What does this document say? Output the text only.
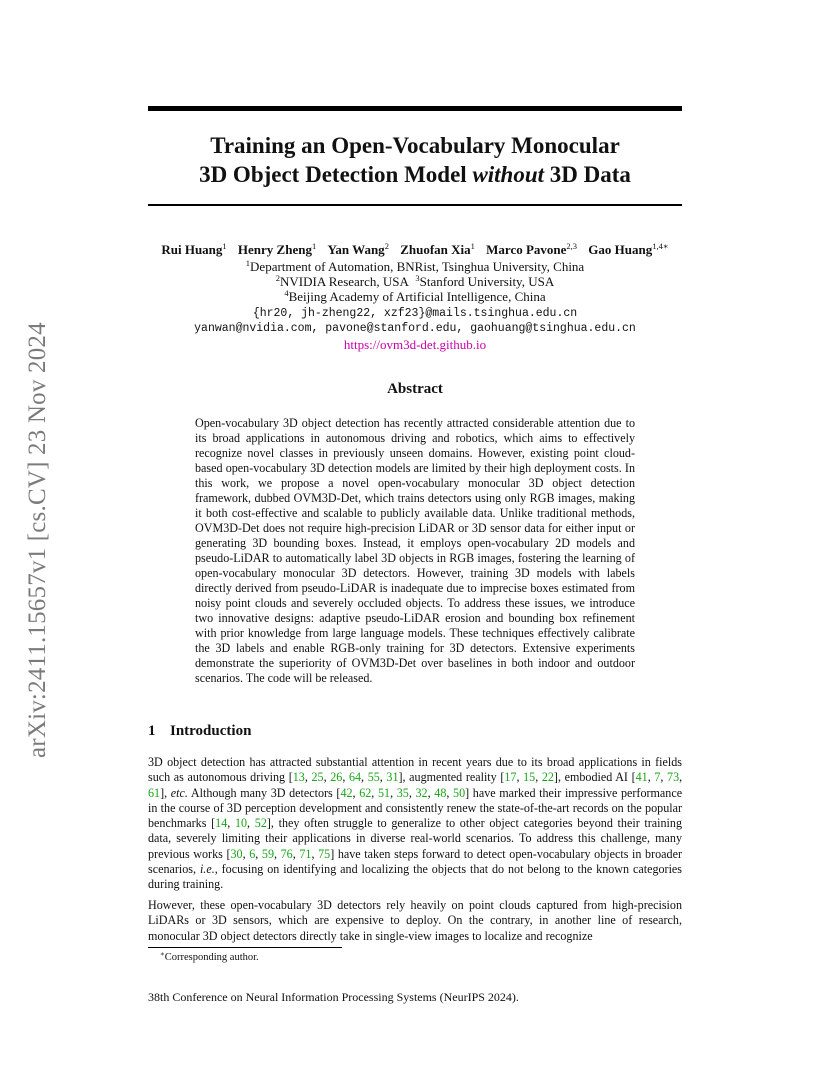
arXiv:2411.15657v1 [cs.CV] 23 Nov 2024
Training an Open-Vocabulary Monocular
3D Object Detection Model without 3D Data
Rui Huang$^1$ Henry Zheng$^1$ Yan Wang$^2$ Zhuofan Xia$^1$ Marco Pavone$^{2,3}$ Gao Huang$^{1,4∗}$
$^1$Department of Automation, BNRist, Tsinghua University, China
$^2$NVIDIA Research, USA $^3$Stanford University, USA
$^4$Beijing Academy of Artificial Intelligence, China
{hr20, jh-zheng22, xzf23}@mails.tsinghua.edu.cn
yanwan@nvidia.com, pavone@stanford.edu, gaohuang@tsinghua.edu.cn
https://ovm3d-det.github.io
Abstract
Open-vocabulary 3D object detection has recently attracted considerable attention due to its broad applications in autonomous driving and robotics, which aims to effectively recognize novel classes in previously unseen domains. However, existing point cloud-based open-vocabulary 3D detection models are limited by their high deployment costs. In this work, we propose a novel open-vocabulary monocular 3D object detection framework, dubbed OVM3D-Det, which trains detectors using only RGB images, making it both cost-effective and scalable to publicly available data. Unlike traditional methods, OVM3D-Det does not require high-precision LiDAR or 3D sensor data for either input or generating 3D bounding boxes. Instead, it employs open-vocabulary 2D models and pseudo-LiDAR to automatically label 3D objects in RGB images, fostering the learning of open-vocabulary monocular 3D detectors. However, training 3D models with labels directly derived from pseudo-LiDAR is inadequate due to imprecise boxes estimated from noisy point clouds and severely occluded objects. To address these issues, we introduce two innovative designs: adaptive pseudo-LiDAR erosion and bounding box refinement with prior knowledge from large language models. These techniques effectively calibrate the 3D labels and enable RGB-only training for 3D detectors. Extensive experiments demonstrate the superiority of OVM3D-Det over baselines in both indoor and outdoor scenarios. The code will be released.
1 Introduction
3D object detection has attracted substantial attention in recent years due to its broad applications in fields such as autonomous driving [13, 25, 26, 64, 55, 31], augmented reality [17, 15, 22], embodied AI [41, 7, 73, 61], etc. Although many 3D detectors [42, 62, 51, 35, 32, 48, 50] have marked their impressive performance in the course of 3D perception development and consistently renew the state-of-the-art records on the popular benchmarks [14, 10, 52], they often struggle to generalize to other object categories beyond their training data, severely limiting their applications in diverse real-world scenarios. To address this challenge, many previous works [30, 6, 59, 76, 71, 75] have taken steps forward to detect open-vocabulary objects in broader scenarios, i.e., focusing on identifying and localizing the objects that do not belong to the known categories during training.
However, these open-vocabulary 3D detectors rely heavily on point clouds captured from high-precision LiDARs or 3D sensors, which are expensive to deploy. On the contrary, in another line of research, monocular 3D object detectors directly take in single-view images to localize and recognize
∗Corresponding author.
38th Conference on Neural Information Processing Systems (NeurIPS 2024).
